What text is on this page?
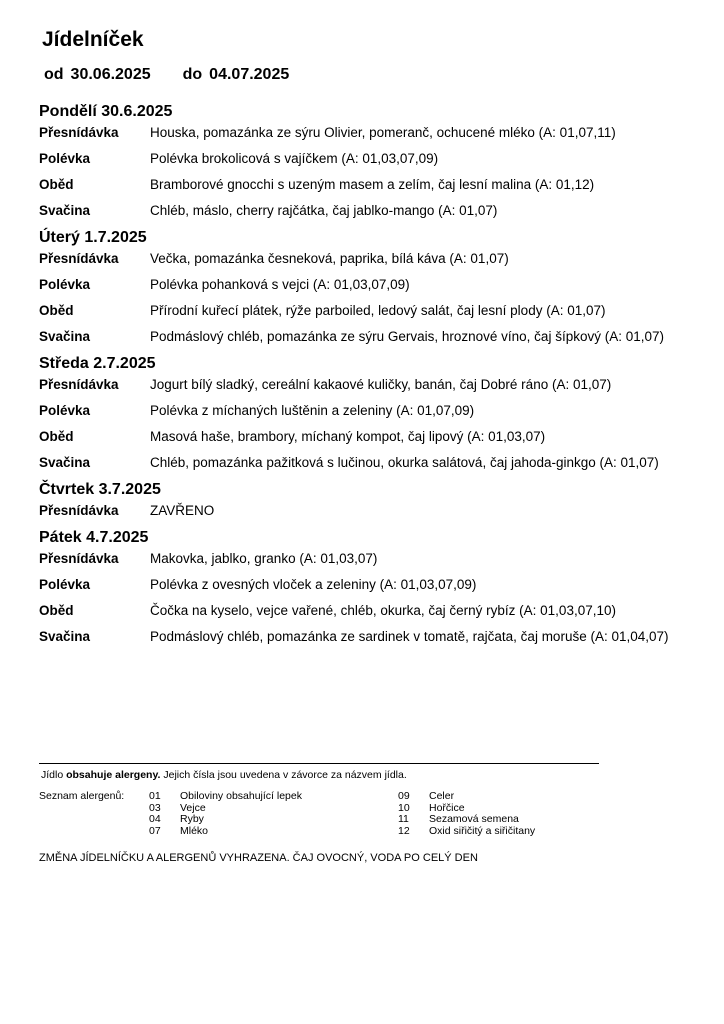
Jídelníček
od 30.06.2025 do 04.07.2025
Pondělí 30.6.2025
Přesnídávka	Houska, pomazánka ze sýru Olivier, pomeranč, ochucené mléko (A: 01,07,11)
Polévka	Polévka brokolicová s vajíčkem (A: 01,03,07,09)
Oběd	Bramborové gnocchi s uzeným masem a zelím, čaj lesní malina (A: 01,12)
Svačina	Chléb, máslo, cherry rajčátka, čaj jablko-mango (A: 01,07)
Úterý 1.7.2025
Přesnídávka	Večka, pomazánka česneková, paprika, bílá káva (A: 01,07)
Polévka	Polévka pohanková s vejci (A: 01,03,07,09)
Oběd	Přírodní kuřecí plátek, rýže parboiled, ledový salát, čaj lesní plody (A: 01,07)
Svačina	Podmáslový chléb, pomazánka ze sýru Gervais, hroznové víno, čaj šípkový (A: 01,07)
Středa 2.7.2025
Přesnídávka	Jogurt bílý sladký, cereální kakaové kuličky, banán, čaj Dobré ráno (A: 01,07)
Polévka	Polévka z míchaných luštěnin a zeleniny (A: 01,07,09)
Oběd	Masová haše, brambory, míchaný kompot, čaj lipový (A: 01,03,07)
Svačina	Chléb, pomazánka pažitková s lučinou, okurka salátová, čaj jahoda-ginkgo (A: 01,07)
Čtvrtek 3.7.2025
Přesnídávka	ZAVŘENO
Pátek 4.7.2025
Přesnídávka	Makovka, jablko, granko (A: 01,03,07)
Polévka	Polévka z ovesných vloček a zeleniny (A: 01,03,07,09)
Oběd	Čočka na kyselo, vejce vařené, chléb, okurka, čaj černý rybíz (A: 01,03,07,10)
Svačina	Podmáslový chléb, pomazánka ze sardinek v tomatě, rajčata, čaj moruše (A: 01,04,07)
Jídlo obsahuje alergeny. Jejich čísla jsou uvedena v závorce za názvem jídla.
Seznam alergenů:	01	Obiloviny obsahující lepek
03	Vejce
04	Ryby
07	Mléko
09	Celer
10	Hořčice
11	Sezamová semena
12	Oxid siřičitý a siřičitany
ZMĚNA JÍDELNÍČKU A ALERGENŮ VYHRAZENA. ČAJ OVOCNÝ, VODA PO CELÝ DEN
